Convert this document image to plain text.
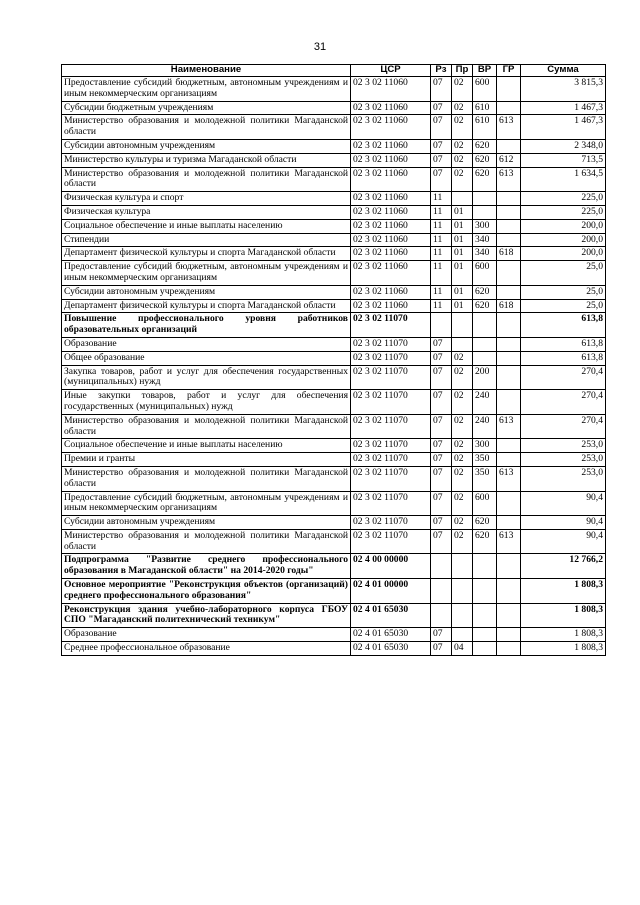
31
Наименование	ЦСР	Рз	Пр	ВР	ГР	Сумма
Предоставление субсидий бюджетным, автономным учреждениям и иным некоммерческим организациям	02 3 02 11060	07	02	600		3 815,3
Субсидии бюджетным учреждениям	02 3 02 11060	07	02	610		1 467,3
Министерство образования и молодежной политики Магаданской области	02 3 02 11060	07	02	610	613	1 467,3
Субсидии автономным учреждениям	02 3 02 11060	07	02	620		2 348,0
Министерство культуры и туризма Магаданской области	02 3 02 11060	07	02	620	612	713,5
Министерство образования и молодежной политики Магаданской области	02 3 02 11060	07	02	620	613	1 634,5
Физическая культура и спорт	02 3 02 11060	11				225,0
Физическая культура	02 3 02 11060	11	01			225,0
Социальное обеспечение и иные выплаты населению	02 3 02 11060	11	01	300		200,0
Стипендии	02 3 02 11060	11	01	340		200,0
Департамент физической культуры и спорта Магаданской области	02 3 02 11060	11	01	340	618	200,0
Предоставление субсидий бюджетным, автономным учреждениям и иным некоммерческим организациям	02 3 02 11060	11	01	600		25,0
Субсидии автономным учреждениям	02 3 02 11060	11	01	620		25,0
Департамент физической культуры и спорта Магаданской области	02 3 02 11060	11	01	620	618	25,0
Повышение профессионального уровня работников образовательных организаций	02 3 02 11070					613,8
Образование	02 3 02 11070	07				613,8
Общее образование	02 3 02 11070	07	02			613,8
Закупка товаров, работ и услуг для обеспечения государственных (муниципальных) нужд	02 3 02 11070	07	02	200		270,4
Иные закупки товаров, работ и услуг для обеспечения государственных (муниципальных) нужд	02 3 02 11070	07	02	240		270,4
Министерство образования и молодежной политики Магаданской области	02 3 02 11070	07	02	240	613	270,4
Социальное обеспечение и иные выплаты населению	02 3 02 11070	07	02	300		253,0
Премии и гранты	02 3 02 11070	07	02	350		253,0
Министерство образования и молодежной политики Магаданской области	02 3 02 11070	07	02	350	613	253,0
Предоставление субсидий бюджетным, автономным учреждениям и иным некоммерческим организациям	02 3 02 11070	07	02	600		90,4
Субсидии автономным учреждениям	02 3 02 11070	07	02	620		90,4
Министерство образования и молодежной политики Магаданской области	02 3 02 11070	07	02	620	613	90,4
Подпрограмма "Развитие среднего профессионального образования в Магаданской области" на 2014-2020 годы"	02 4 00 00000					12 766,2
Основное мероприятие "Реконструкция объектов (организаций) среднего профессионального образования"	02 4 01 00000					1 808,3
Реконструкция здания учебно-лабораторного корпуса ГБОУ СПО "Магаданский политехнический техникум"	02 4 01 65030					1 808,3
Образование	02 4 01 65030	07				1 808,3
Среднее профессиональное образование	02 4 01 65030	07	04			1 808,3
